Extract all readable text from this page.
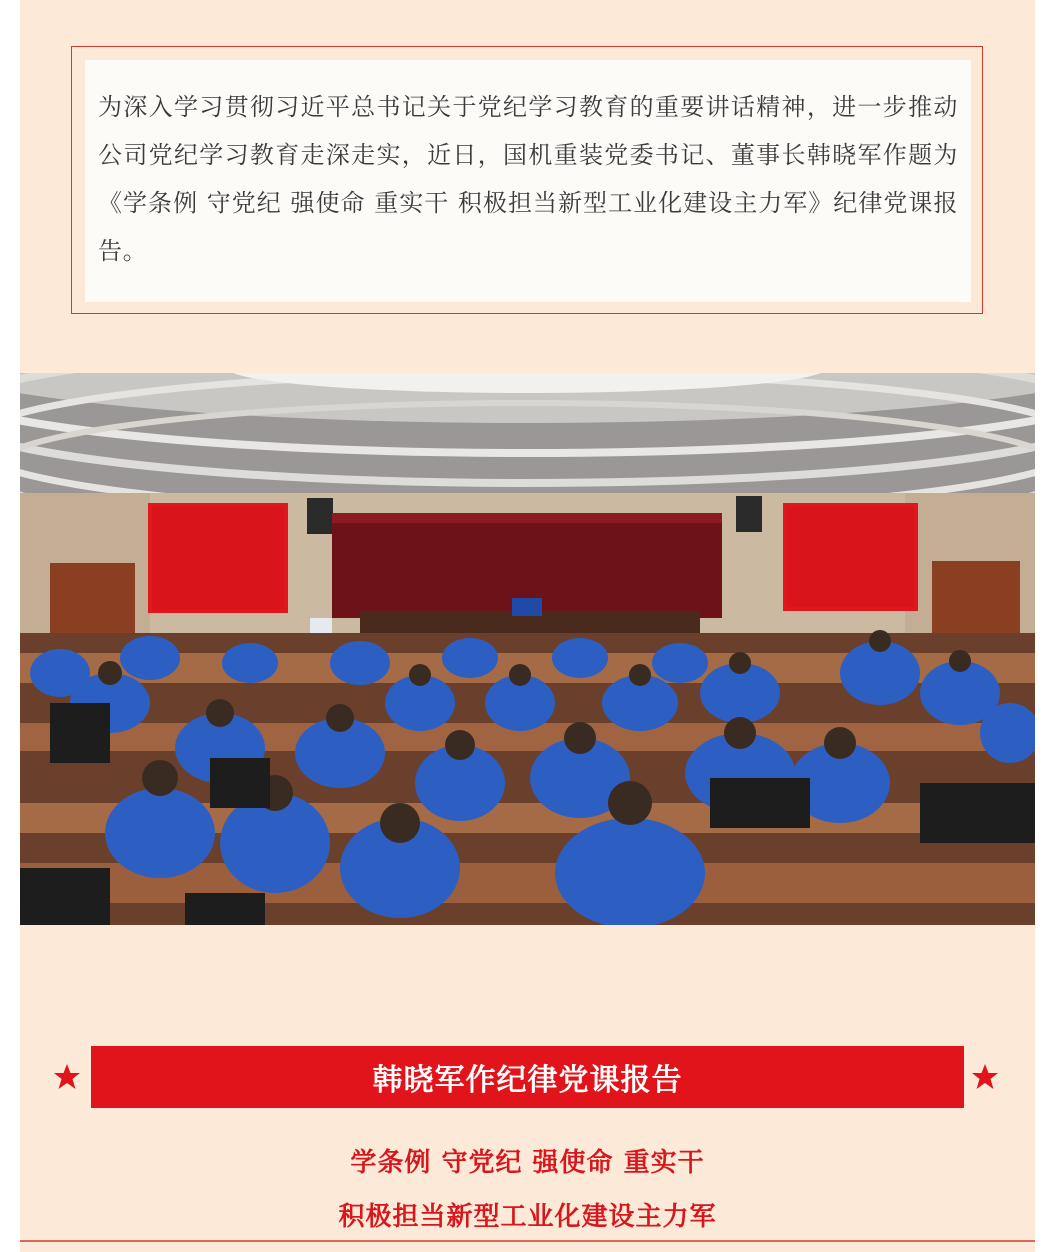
为深入学习贯彻习近平总书记关于党纪学习教育的重要讲话精神，进一步推动公司党纪学习教育走深走实，近日，国机重装党委书记、董事长韩晓军作题为《学条例 守党纪 强使命 重实干 积极担当新型工业化建设主力军》纪律党课报告。

韩晓军作纪律党课报告
学条例 守党纪 强使命 重实干
积极担当新型工业化建设主力军
